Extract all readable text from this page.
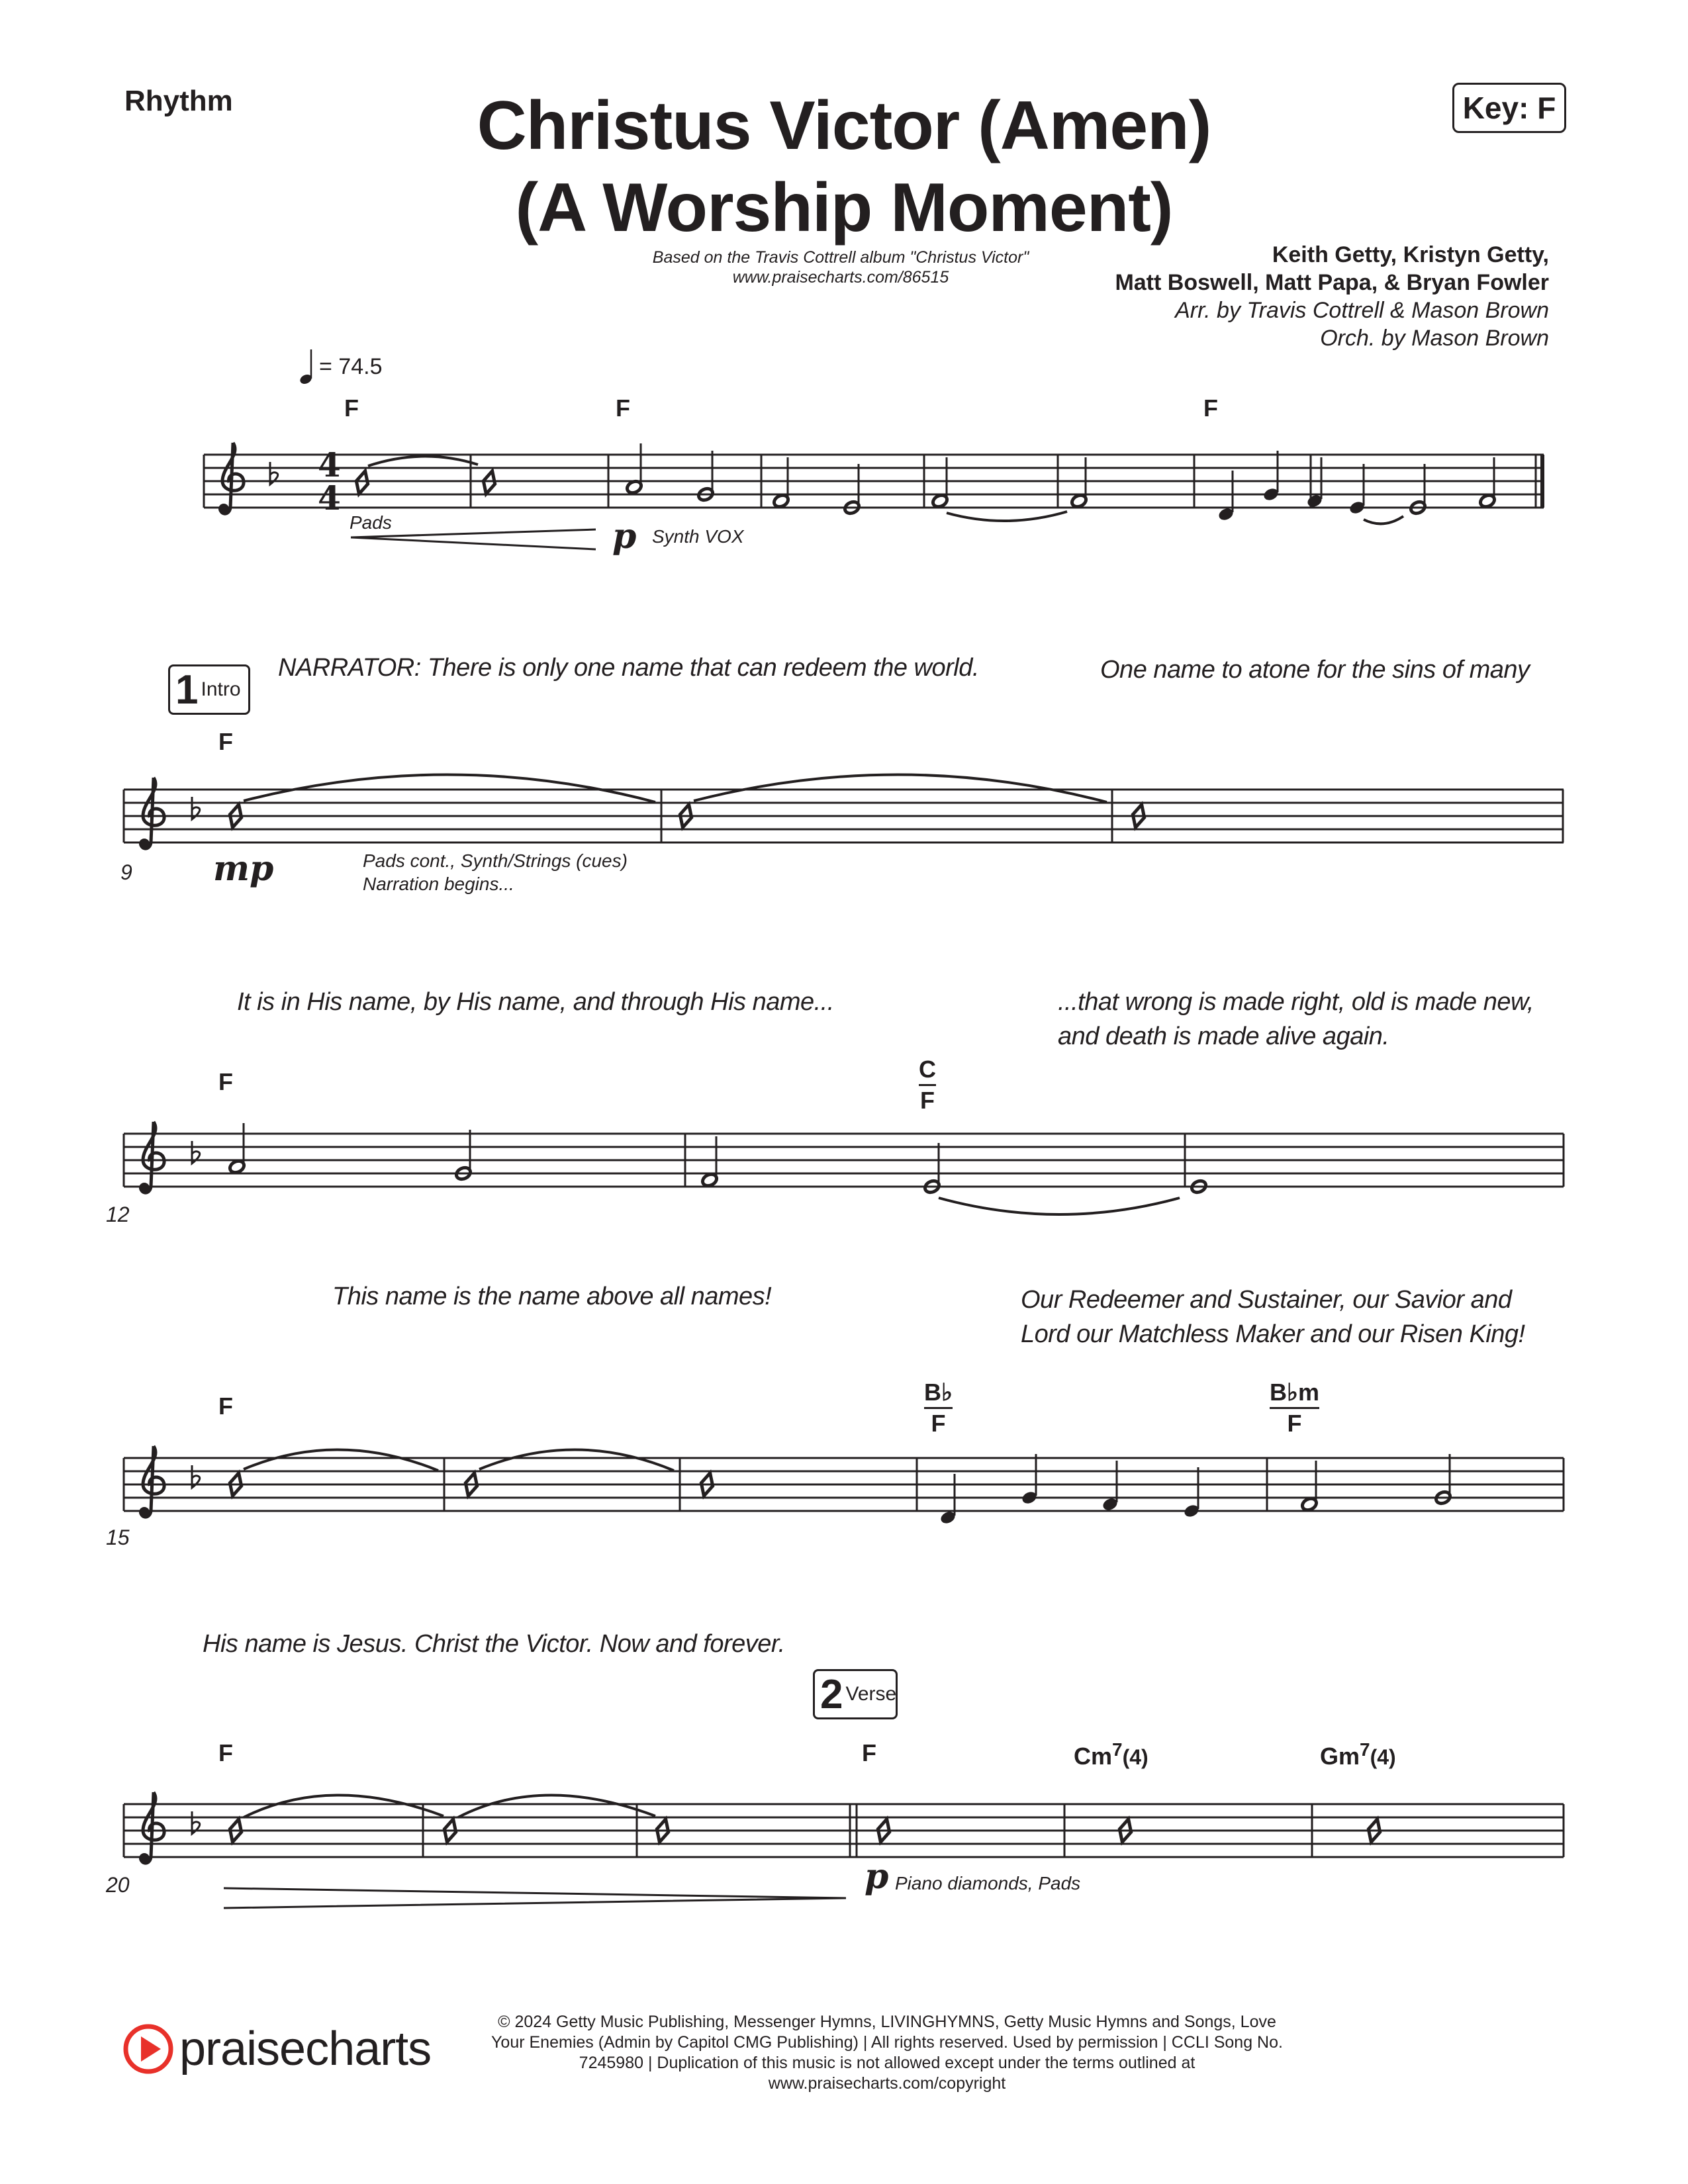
Rhythm	Christus Victor (Amen)
(A Worship Moment)
Key: F
Based on the Travis Cottrell album "Christus Victor"
www.praisecharts.com/86515
Keith Getty, Kristyn Getty,
Matt Boswell, Matt Papa, & Bryan Fowler
Arr. by Travis Cottrell & Mason Brown
Orch. by Mason Brown
= 74.5
4
4
9
12
15
20
1 Intro
2 Verse
F	F	F
F
F	C
F
F
B♭
F
B♭m
F
F	F	Cm$^7$(4)	Gm$^7$(4)
NARRATOR: There is only one name that can redeem the world.	One name to atone for the sins of many
It is in His name, by His name, and through His name...	...that wrong is made right, old is made new,
and death is made alive again.
This name is the name above all names!	Our Redeemer and Sustainer, our Savior and
Lord our Matchless Maker and our Risen King!
His name is Jesus. Christ the Victor. Now and forever.
Pads	p Synth VOX
mp	Pads cont., Synth/Strings (cues)
Narration begins...
p Piano diamonds, Pads
praisecharts
© 2024 Getty Music Publishing, Messenger Hymns, LIVINGHYMNS, Getty Music Hymns and Songs, Love
Your Enemies (Admin by Capitol CMG Publishing) | All rights reserved. Used by permission | CCLI Song No.
7245980 | Duplication of this music is not allowed except under the terms outlined at
www.praisecharts.com/copyright
